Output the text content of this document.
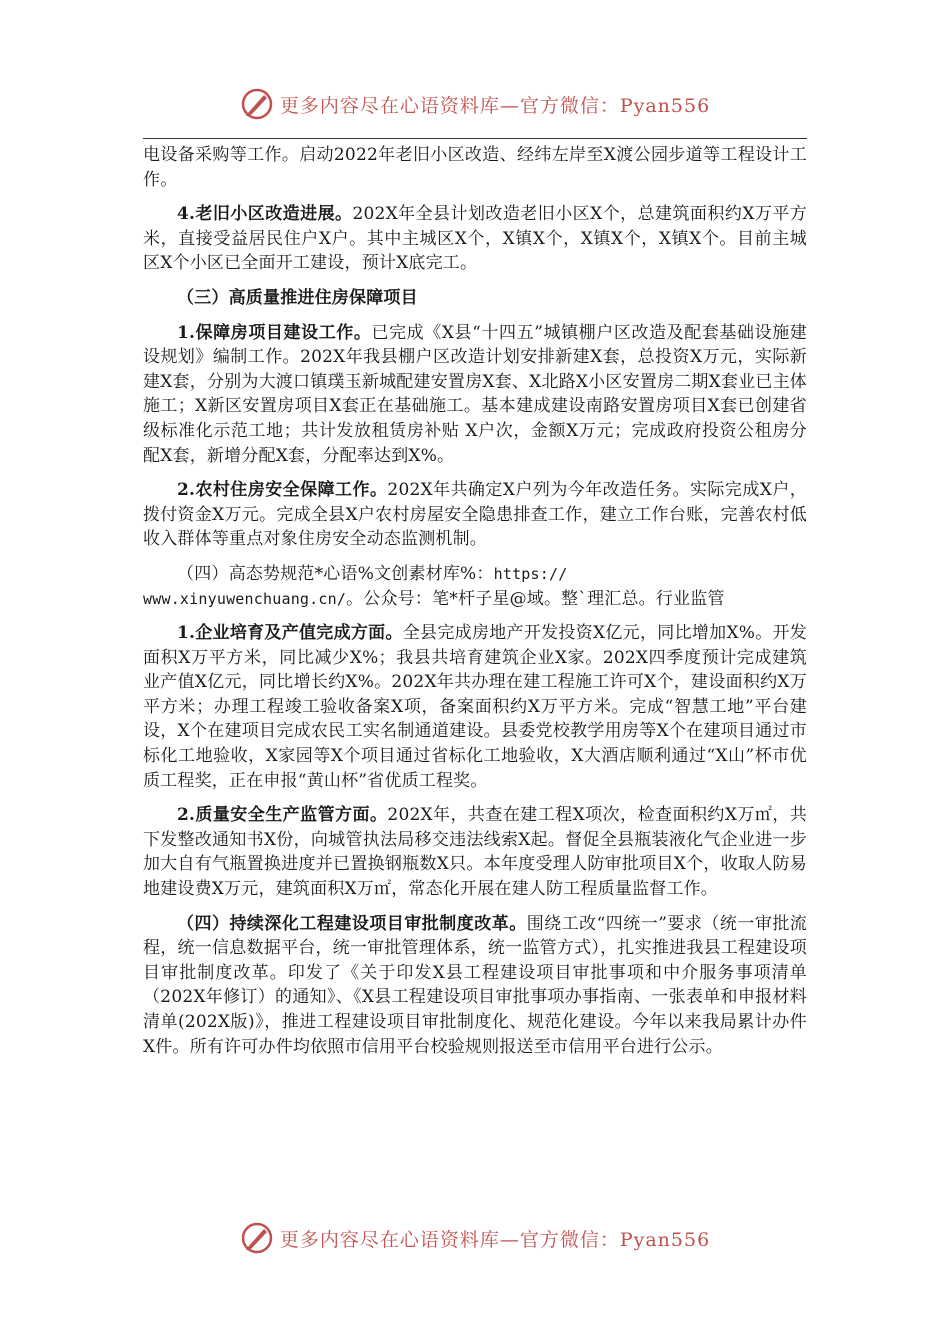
更多内容尽在心语资料库—官方微信：Pyan556

电设备采购等工作。启动2022年老旧小区改造、经纬左岸至X渡公园步道等工程设计工作。

4.老旧小区改造进展。202X年全县计划改造老旧小区X个，总建筑面积约X万平方米，直接受益居民住户X户。其中主城区X个，X镇X个，X镇X个，X镇X个。目前主城区X个小区已全面开工建设，预计X底完工。

（三）高质量推进住房保障项目

1.保障房项目建设工作。已完成《X县“十四五”城镇棚户区改造及配套基础设施建设规划》编制工作。202X年我县棚户区改造计划安排新建X套，总投资X万元，实际新建X套，分别为大渡口镇璞玉新城配建安置房X套、X北路X小区安置房二期X套业已主体施工；X新区安置房项目X套正在基础施工。基本建成建设南路安置房项目X套已创建省级标准化示范工地；共计发放租赁房补贴 X户次，金额X万元；完成政府投资公租房分配X套，新增分配X套，分配率达到X%。

2.农村住房安全保障工作。202X年共确定X户列为今年改造任务。实际完成X户，拨付资金X万元。完成全县X户农村房屋安全隐患排查工作，建立工作台账，完善农村低收入群体等重点对象住房安全动态监测机制。

（四）高态势规范*心语%文创素材库%：https://
www.xinyuwenchuang.cn/。公众号：笔*杆子星@域。整`理汇总。行业监管

1.企业培育及产值完成方面。全县完成房地产开发投资X亿元，同比增加X%。开发面积X万平方米，同比减少X%；我县共培育建筑企业X家。202X四季度预计完成建筑业产值X亿元，同比增长约X%。202X年共办理在建工程施工许可X个，建设面积约X万平方米；办理工程竣工验收备案X项，备案面积约X万平方米。完成“智慧工地”平台建设，X个在建项目完成农民工实名制通道建设。县委党校教学用房等X个在建项目通过市标化工地验收，X家园等X个项目通过省标化工地验收，X大酒店顺利通过“X山”杯市优质工程奖，正在申报“黄山杯”省优质工程奖。

2.质量安全生产监管方面。202X年，共查在建工程X项次，检查面积约X万㎡，共下发整改通知书X份，向城管执法局移交违法线索X起。督促全县瓶装液化气企业进一步加大自有气瓶置换进度并已置换钢瓶数X只。本年度受理人防审批项目X个，收取人防易地建设费X万元，建筑面积X万㎡，常态化开展在建人防工程质量监督工作。

（四）持续深化工程建设项目审批制度改革。围绕工改“四统一”要求（统一审批流程，统一信息数据平台，统一审批管理体系，统一监管方式），扎实推进我县工程建设项目审批制度改革。印发了《关于印发X县工程建设项目审批事项和中介服务事项清单（202X年修订）的通知》、《X县工程建设项目审批事项办事指南、一张表单和申报材料清单(202X版)》，推进工程建设项目审批制度化、规范化建设。今年以来我局累计办件X件。所有许可办件均依照市信用平台校验规则报送至市信用平台进行公示。

更多内容尽在心语资料库—官方微信：Pyan556
